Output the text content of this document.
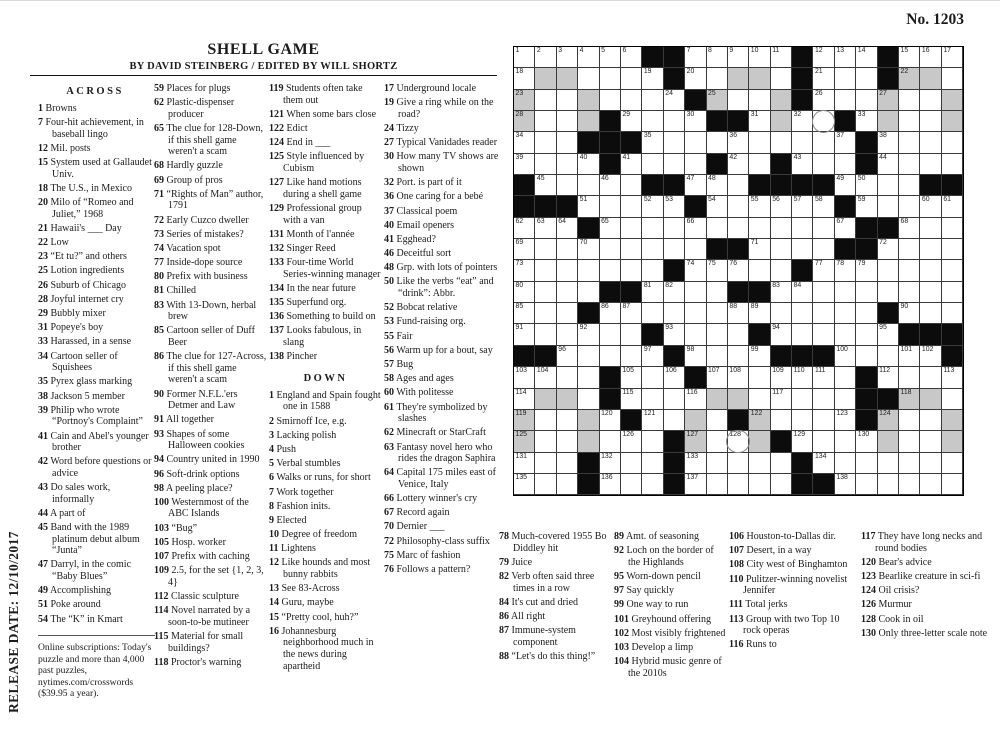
RELEASE DATE: 12/10/2017
No. 1203
SHELL GAME
BY DAVID STEINBERG / EDITED BY WILL SHORTZ
ACROSS
1 Browns
7 Four-hit achievement, in baseball lingo
12 Mil. posts
15 System used at Gallaudet Univ.
18 The U.S., in Mexico
20 Milo of “Romeo and Juliet,” 1968
21 Hawaii's ___ Day
22 Low
23 “Et tu?” and others
25 Lotion ingredients
26 Suburb of Chicago
28 Joyful internet cry
29 Bubbly mixer
31 Popeye's boy
33 Harassed, in a sense
34 Cartoon seller of Squishees
35 Pyrex glass marking
38 Jackson 5 member
39 Philip who wrote “Portnoy's Complaint”
41 Cain and Abel's younger brother
42 Word before questions or advice
43 Do sales work, informally
44 A part of
45 Band with the 1989 platinum debut album “Junta”
47 Darryl, in the comic “Baby Blues”
49 Accomplishing
51 Poke around
54 The “K” in Kmart
59 Places for plugs
62 Plastic-dispenser producer
65 The clue for 128-Down, if this shell game weren't a scam
68 Hardly guzzle
69 Group of pros
71 “Rights of Man” author, 1791
72 Early Cuzco dweller
73 Series of mistakes?
74 Vacation spot
77 Inside-dope source
80 Prefix with business
81 Chilled
83 With 13-Down, herbal brew
85 Cartoon seller of Duff Beer
86 The clue for 127-Across, if this shell game weren't a scam
90 Former N.F.L.'ers Detmer and Law
91 All together
93 Shapes of some Halloween cookies
94 Country united in 1990
96 Soft-drink options
98 A peeling place?
100 Westernmost of the ABC Islands
103 “Bug”
105 Hosp. worker
107 Prefix with caching
109 2.5, for the set {1, 2, 3, 4}
112 Classic sculpture
114 Novel narrated by a soon-to-be mutineer
115 Material for small buildings?
118 Proctor's warning
119 Students often take them out
121 When some bars close
122 Edict
124 End in ___
125 Style influenced by Cubism
127 Like hand motions during a shell game
129 Professional group with a van
131 Month of l'année
132 Singer Reed
133 Four-time World Series-winning manager
134 In the near future
135 Superfund org.
136 Something to build on
137 Looks fabulous, in slang
138 Pincher
DOWN
1 England and Spain fought one in 1588
2 Smirnoff Ice, e.g.
3 Lacking polish
4 Push
5 Verbal stumbles
6 Walks or runs, for short
7 Work together
8 Fashion inits.
9 Elected
10 Degree of freedom
11 Lightens
12 Like hounds and most bunny rabbits
13 See 83-Across
14 Guru, maybe
15 “Pretty cool, huh?”
16 Johannesburg neighborhood much in the news during apartheid
17 Underground locale
19 Give a ring while on the road?
24 Tizzy
27 Typical Vanidades reader
30 How many TV shows are shown
32 Port. is part of it
36 One caring for a bebé
37 Classical poem
40 Email openers
41 Egghead?
46 Deceitful sort
48 Grp. with lots of pointers
50 Like the verbs “eat” and “drink”: Abbr.
52 Bobcat relative
53 Fund-raising org.
55 Fair
56 Warm up for a bout, say
57 Bug
58 Ages and ages
60 With politesse
61 They're symbolized by slashes
62 Minecraft or StarCraft
63 Fantasy novel hero who rides the dragon Saphira
64 Capital 175 miles east of Venice, Italy
66 Lottery winner's cry
67 Record again
70 Dernier ___
72 Philosophy-class suffix
75 Marc of fashion
76 Follows a pattern?
78 Much-covered 1955 Bo Diddley hit
79 Juice
82 Verb often said three times in a row
84 It's cut and dried
86 All right
87 Immune-system component
88 “Let's do this thing!”
89 Amt. of seasoning
92 Loch on the border of the Highlands
95 Worn-down pencil
97 Say quickly
99 One way to run
101 Greyhound offering
102 Most visibly frightened
103 Develop a limp
104 Hybrid music genre of the 2010s
106 Houston-to-Dallas dir.
107 Desert, in a way
108 City west of Binghamton
110 Pulitzer-winning novelist Jennifer
111 Total jerks
113 Group with two Top 10 rock operas
116 Runs to
117 They have long necks and round bodies
120 Bear's advice
123 Bearlike creature in sci-fi
124 Oil crisis?
126 Murmur
128 Cook in oil
130 Only three-letter scale note
Online subscriptions: Today's puzzle and more than 4,000 past puzzles, nytimes.com/crosswords ($39.95 a year).
1	2	3	4	5	6	7	8	9	10 11	12 13 14	15 16 17
18	19	20	21	22
23	24	25	26	27
28	29	30	31	32	33
34	35	36	37	38
39	40	41	42	43	44
45	46	47 48	49 50
51	52 53	54	55 56 57 58	59	60 61
62 63 64	65	66	67	68
69	70	71	72
73	74 75 76	77 78 79
80	81 82	83 84
85	86 87	88 89	90
91	92	93	94	95
96	97	98	99	100	101 102
103 104	105	106	107 108	109 110 111	112	113
114	115	116	117	118
119	120	121	122	123	124
125	126	127	128	129	130
131	132	133	134
135	136	137	138
